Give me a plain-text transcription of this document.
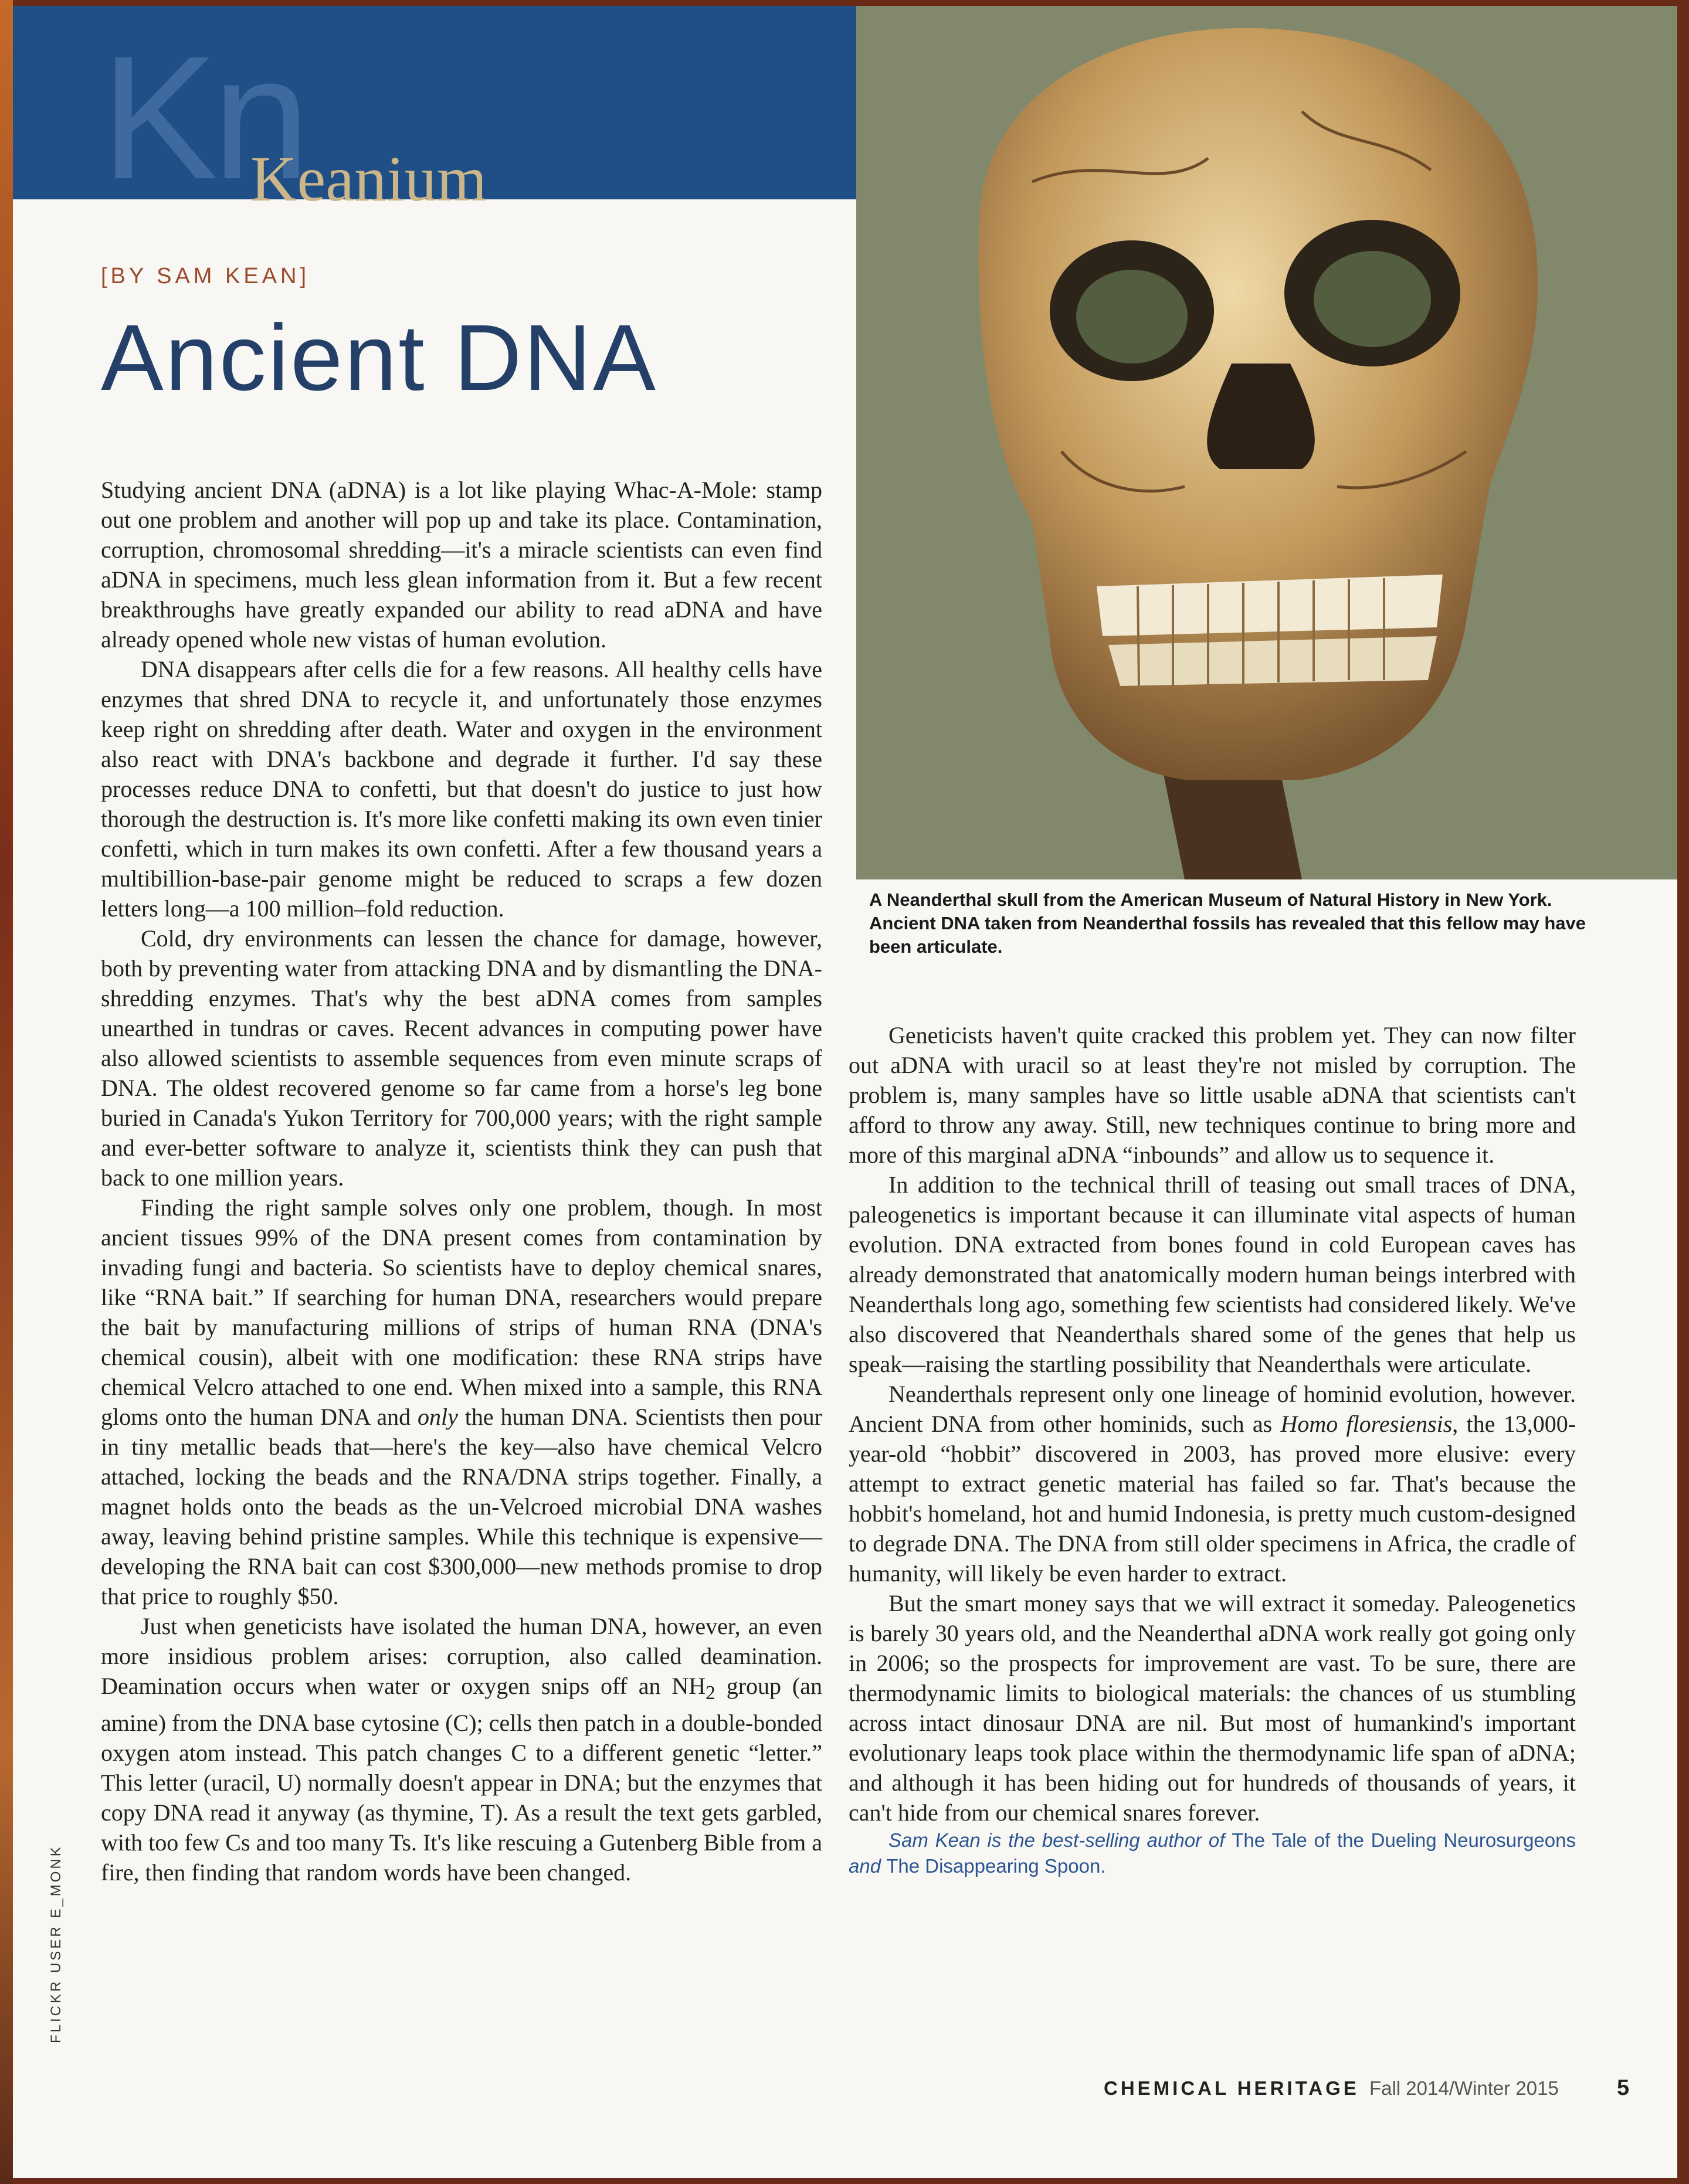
Kn
Keanium
[BY SAM KEAN]
Ancient DNA
A Neanderthal skull from the American Museum of Natural History in New York. Ancient DNA taken from Neanderthal fossils has revealed that this fellow may have been articulate.

Studying ancient DNA (aDNA) is a lot like playing Whac-A-Mole: stamp out one problem and another will pop up and take its place. Contamination, corruption, chromosomal shredding—it's a miracle scientists can even find aDNA in specimens, much less glean information from it. But a few recent breakthroughs have greatly expanded our ability to read aDNA and have already opened whole new vistas of human evolution.

DNA disappears after cells die for a few reasons. All healthy cells have enzymes that shred DNA to recycle it, and unfortunately those enzymes keep right on shredding after death. Water and oxygen in the environment also react with DNA's backbone and degrade it further. I'd say these processes reduce DNA to confetti, but that doesn't do justice to just how thorough the destruction is. It's more like confetti making its own even tinier confetti, which in turn makes its own confetti. After a few thousand years a multibillion-base-pair genome might be reduced to scraps a few dozen letters long—a 100 million–fold reduction.

Cold, dry environments can lessen the chance for damage, however, both by preventing water from attacking DNA and by dismantling the DNA-shredding enzymes. That's why the best aDNA comes from samples unearthed in tundras or caves. Recent advances in computing power have also allowed scientists to assemble sequences from even minute scraps of DNA. The oldest recovered genome so far came from a horse's leg bone buried in Canada's Yukon Territory for 700,000 years; with the right sample and ever-better software to analyze it, scientists think they can push that back to one million years.

Finding the right sample solves only one problem, though. In most ancient tissues 99% of the DNA present comes from contamination by invading fungi and bacteria. So scientists have to deploy chemical snares, like “RNA bait.” If searching for human DNA, researchers would prepare the bait by manufacturing millions of strips of human RNA (DNA's chemical cousin), albeit with one modification: these RNA strips have chemical Velcro attached to one end. When mixed into a sample, this RNA gloms onto the human DNA and only the human DNA. Scientists then pour in tiny metallic beads that—here's the key—also have chemical Velcro attached, locking the beads and the RNA/DNA strips together. Finally, a magnet holds onto the beads as the un-Velcroed microbial DNA washes away, leaving behind pristine samples. While this technique is expensive—developing the RNA bait can cost $300,000—new methods promise to drop that price to roughly $50.

Just when geneticists have isolated the human DNA, however, an even more insidious problem arises: corruption, also called deamination. Deamination occurs when water or oxygen snips off an $NH_2$ group (an amine) from the DNA base cytosine (C); cells then patch in a double-bonded oxygen atom instead. This patch changes C to a different genetic “letter.” This letter (uracil, U) normally doesn't appear in DNA; but the enzymes that copy DNA read it anyway (as thymine, T). As a result the text gets garbled, with too few Cs and too many Ts. It's like rescuing a Gutenberg Bible from a fire, then finding that random words have been changed.

Geneticists haven't quite cracked this problem yet. They can now filter out aDNA with uracil so at least they're not misled by corruption. The problem is, many samples have so little usable aDNA that scientists can't afford to throw any away. Still, new techniques continue to bring more and more of this marginal aDNA “inbounds” and allow us to sequence it.

In addition to the technical thrill of teasing out small traces of DNA, paleogenetics is important because it can illuminate vital aspects of human evolution. DNA extracted from bones found in cold European caves has already demonstrated that anatomically modern human beings interbred with Neanderthals long ago, something few scientists had considered likely. We've also discovered that Neanderthals shared some of the genes that help us speak—raising the startling possibility that Neanderthals were articulate.

Neanderthals represent only one lineage of hominid evolution, however. Ancient DNA from other hominids, such as Homo floresiensis, the 13,000-year-old “hobbit” discovered in 2003, has proved more elusive: every attempt to extract genetic material has failed so far. That's because the hobbit's homeland, hot and humid Indonesia, is pretty much custom-designed to degrade DNA. The DNA from still older specimens in Africa, the cradle of humanity, will likely be even harder to extract.

But the smart money says that we will extract it someday. Paleogenetics is barely 30 years old, and the Neanderthal aDNA work really got going only in 2006; so the prospects for improvement are vast. To be sure, there are thermodynamic limits to biological materials: the chances of us stumbling across intact dinosaur DNA are nil. But most of humankind's important evolutionary leaps took place within the thermodynamic life span of aDNA; and although it has been hiding out for hundreds of thousands of years, it can't hide from our chemical snares forever.

Sam Kean is the best-selling author of The Tale of the Dueling Neurosurgeons and The Disappearing Spoon.

FLICKR USER E_MONK
CHEMICAL HERITAGE Fall 2014/Winter 2015	5
